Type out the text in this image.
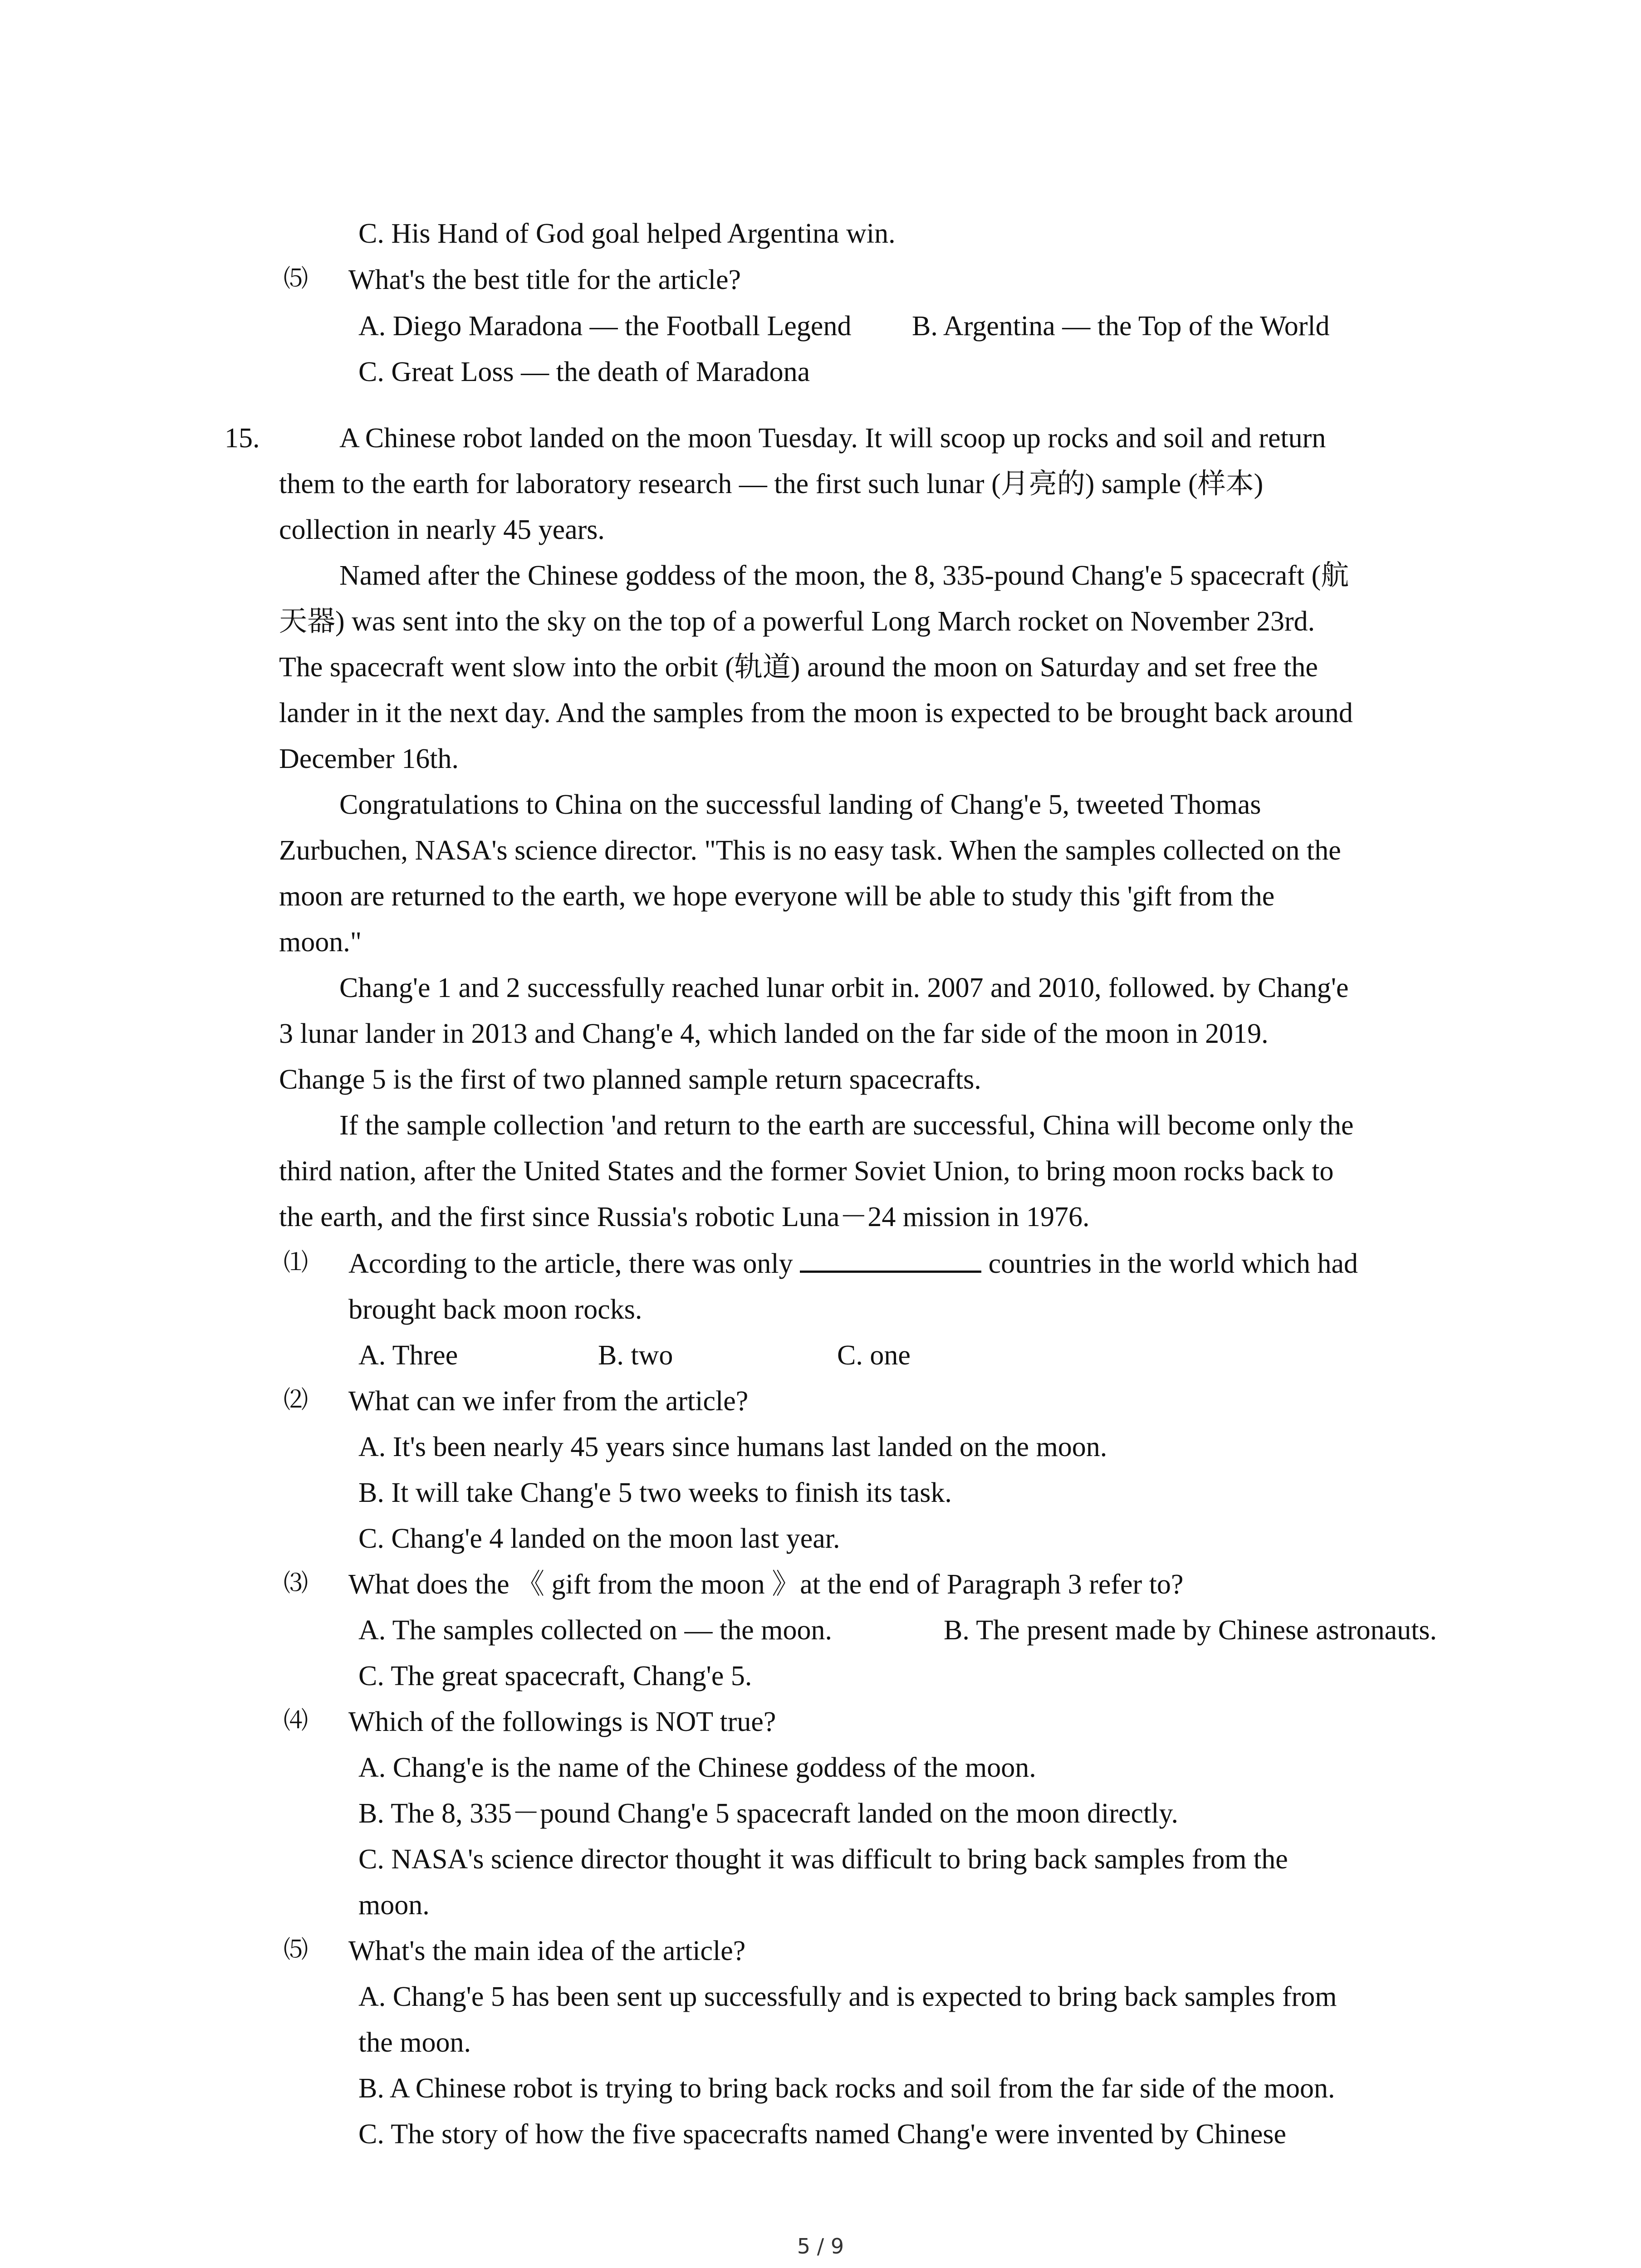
C. His Hand of God goal helped Argentina win.
⑸ What's the best title for the article?
A. Diego Maradona — the Football Legend B. Argentina — the Top of the World
C. Great Loss — the death of Maradona
15.	A Chinese robot landed on the moon Tuesday. It will scoop up rocks and soil and return
them to the earth for laboratory research — the first such lunar (月亮的) sample (样本)
collection in nearly 45 years.
Named after the Chinese goddess of the moon, the 8, 335-pound Chang'e 5 spacecraft (航
天器) was sent into the sky on the top of a powerful Long March rocket on November 23rd.
The spacecraft went slow into the orbit (轨道) around the moon on Saturday and set free the
lander in it the next day. And the samples from the moon is expected to be brought back around
December 16th.
Congratulations to China on the successful landing of Chang'e 5, tweeted Thomas
Zurbuchen, NASA's science director. "This is no easy task. When the samples collected on the
moon are returned to the earth, we hope everyone will be able to study this 'gift from the
moon."
Chang'e 1 and 2 successfully reached lunar orbit in. 2007 and 2010, followed. by Chang'e
3 lunar lander in 2013 and Chang'e 4, which landed on the far side of the moon in 2019.
Change 5 is the first of two planned sample return spacecrafts.
If the sample collection 'and return to the earth are successful, China will become only the
third nation, after the United States and the former Soviet Union, to bring moon rocks back to
the earth, and the first since Russia's robotic Luna－24 mission in 1976.
⑴ According to the article, there was only	countries in the world which had
brought back moon rocks.
A. Three	B. two	C. one
⑵ What can we infer from the article?
A. It's been nearly 45 years since humans last landed on the moon.
B. It will take Chang'e 5 two weeks to finish its task.
C. Chang'e 4 landed on the moon last year.
⑶ What does the 《 gift from the moon 》at the end of Paragraph 3 refer to?
A. The samples collected on — the moon.	B. The present made by Chinese astronauts.
C. The great spacecraft, Chang'e 5.
⑷ Which of the followings is NOT true?
A. Chang'e is the name of the Chinese goddess of the moon.
B. The 8, 335－pound Chang'e 5 spacecraft landed on the moon directly.
C. NASA's science director thought it was difficult to bring back samples from the
moon.
⑸ What's the main idea of the article?
A. Chang'e 5 has been sent up successfully and is expected to bring back samples from
the moon.
B. A Chinese robot is trying to bring back rocks and soil from the far side of the moon.
C. The story of how the five spacecrafts named Chang'e were invented by Chinese
5 / 9
